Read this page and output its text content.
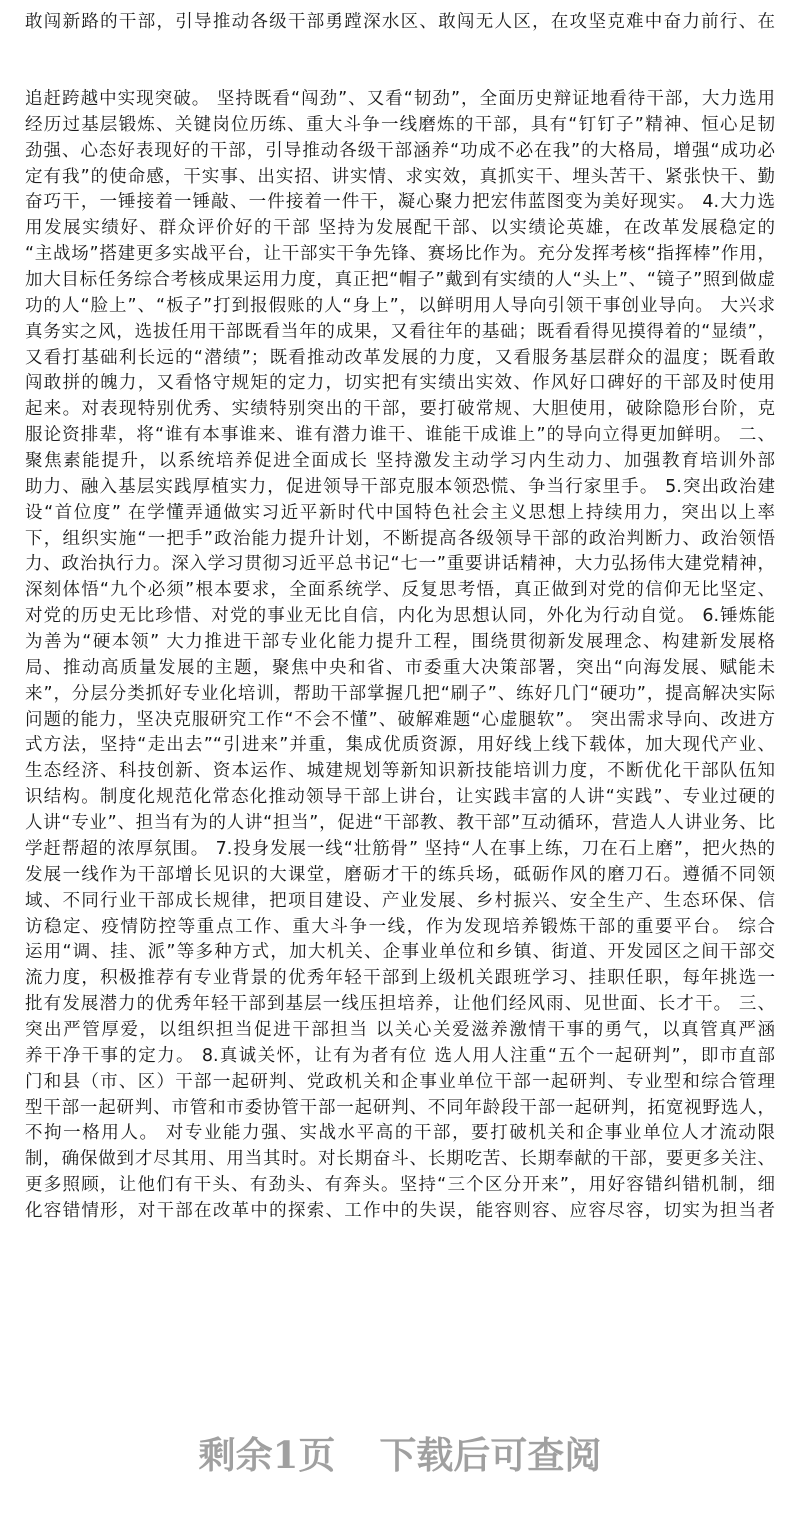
敢闯新路的干部，引导推动各级干部勇蹚深水区、敢闯无人区，在攻坚克难中奋力前行、在
追赶跨越中实现突破。 坚持既看“闯劲”、又看“韧劲”，全面历史辩证地看待干部，大力选用
经历过基层锻炼、关键岗位历练、重大斗争一线磨炼的干部，具有“钉钉子”精神、恒心足韧
劲强、心态好表现好的干部，引导推动各级干部涵养“功成不必在我”的大格局，增强“成功必
定有我”的使命感，干实事、出实招、讲实情、求实效，真抓实干、埋头苦干、紧张快干、勤
奋巧干，一锤接着一锤敲、一件接着一件干，凝心聚力把宏伟蓝图变为美好现实。 4.大力选
用发展实绩好、群众评价好的干部 坚持为发展配干部、以实绩论英雄，在改革发展稳定的
“主战场”搭建更多实战平台，让干部实干争先锋、赛场比作为。充分发挥考核“指挥棒”作用，
加大目标任务综合考核成果运用力度，真正把“帽子”戴到有实绩的人“头上”、“镜子”照到做虚
功的人“脸上”、“板子”打到报假账的人“身上”，以鲜明用人导向引领干事创业导向。 大兴求
真务实之风，选拔任用干部既看当年的成果，又看往年的基础；既看看得见摸得着的“显绩”，
又看打基础利长远的“潜绩”；既看推动改革发展的力度，又看服务基层群众的温度；既看敢
闯敢拼的魄力，又看恪守规矩的定力，切实把有实绩出实效、作风好口碑好的干部及时使用
起来。对表现特别优秀、实绩特别突出的干部，要打破常规、大胆使用，破除隐形台阶，克
服论资排辈，将“谁有本事谁来、谁有潜力谁干、谁能干成谁上”的导向立得更加鲜明。 二、
聚焦素能提升，以系统培养促进全面成长 坚持激发主动学习内生动力、加强教育培训外部
助力、融入基层实践厚植实力，促进领导干部克服本领恐慌、争当行家里手。 5.突出政治建
设“首位度” 在学懂弄通做实习近平新时代中国特色社会主义思想上持续用力，突出以上率
下，组织实施“一把手”政治能力提升计划，不断提高各级领导干部的政治判断力、政治领悟
力、政治执行力。深入学习贯彻习近平总书记“七一”重要讲话精神，大力弘扬伟大建党精神，
深刻体悟“九个必须”根本要求，全面系统学、反复思考悟，真正做到对党的信仰无比坚定、
对党的历史无比珍惜、对党的事业无比自信，内化为思想认同，外化为行动自觉。 6.锤炼能
为善为“硬本领” 大力推进干部专业化能力提升工程，围绕贯彻新发展理念、构建新发展格
局、推动高质量发展的主题，聚焦中央和省、市委重大决策部署，突出“向海发展、赋能未
来”，分层分类抓好专业化培训，帮助干部掌握几把“刷子”、练好几门“硬功”，提高解决实际
问题的能力，坚决克服研究工作“不会不懂”、破解难题“心虚腿软”。 突出需求导向、改进方
式方法，坚持“走出去”“引进来”并重，集成优质资源，用好线上线下载体，加大现代产业、
生态经济、科技创新、资本运作、城建规划等新知识新技能培训力度，不断优化干部队伍知
识结构。制度化规范化常态化推动领导干部上讲台，让实践丰富的人讲“实践”、专业过硬的
人讲“专业”、担当有为的人讲“担当”，促进“干部教、教干部”互动循环，营造人人讲业务、比
学赶帮超的浓厚氛围。 7.投身发展一线“壮筋骨” 坚持“人在事上练，刀在石上磨”，把火热的
发展一线作为干部增长见识的大课堂，磨砺才干的练兵场，砥砺作风的磨刀石。遵循不同领
域、不同行业干部成长规律，把项目建设、产业发展、乡村振兴、安全生产、生态环保、信
访稳定、疫情防控等重点工作、重大斗争一线，作为发现培养锻炼干部的重要平台。 综合
运用“调、挂、派”等多种方式，加大机关、企事业单位和乡镇、街道、开发园区之间干部交
流力度，积极推荐有专业背景的优秀年轻干部到上级机关跟班学习、挂职任职，每年挑选一
批有发展潜力的优秀年轻干部到基层一线压担培养，让他们经风雨、见世面、长才干。 三、
突出严管厚爱，以组织担当促进干部担当 以关心关爱滋养激情干事的勇气，以真管真严涵
养干净干事的定力。 8.真诚关怀，让有为者有位 选人用人注重“五个一起研判”，即市直部
门和县（市、区）干部一起研判、党政机关和企事业单位干部一起研判、专业型和综合管理
型干部一起研判、市管和市委协管干部一起研判、不同年龄段干部一起研判，拓宽视野选人，
不拘一格用人。 对专业能力强、实战水平高的干部，要打破机关和企事业单位人才流动限
制，确保做到才尽其用、用当其时。对长期奋斗、长期吃苦、长期奉献的干部，要更多关注、
更多照顾，让他们有干头、有劲头、有奔头。坚持“三个区分开来”，用好容错纠错机制，细
化容错情形，对干部在改革中的探索、工作中的失误，能容则容、应容尽容，切实为担当者
剩余1页 下载后可查阅
